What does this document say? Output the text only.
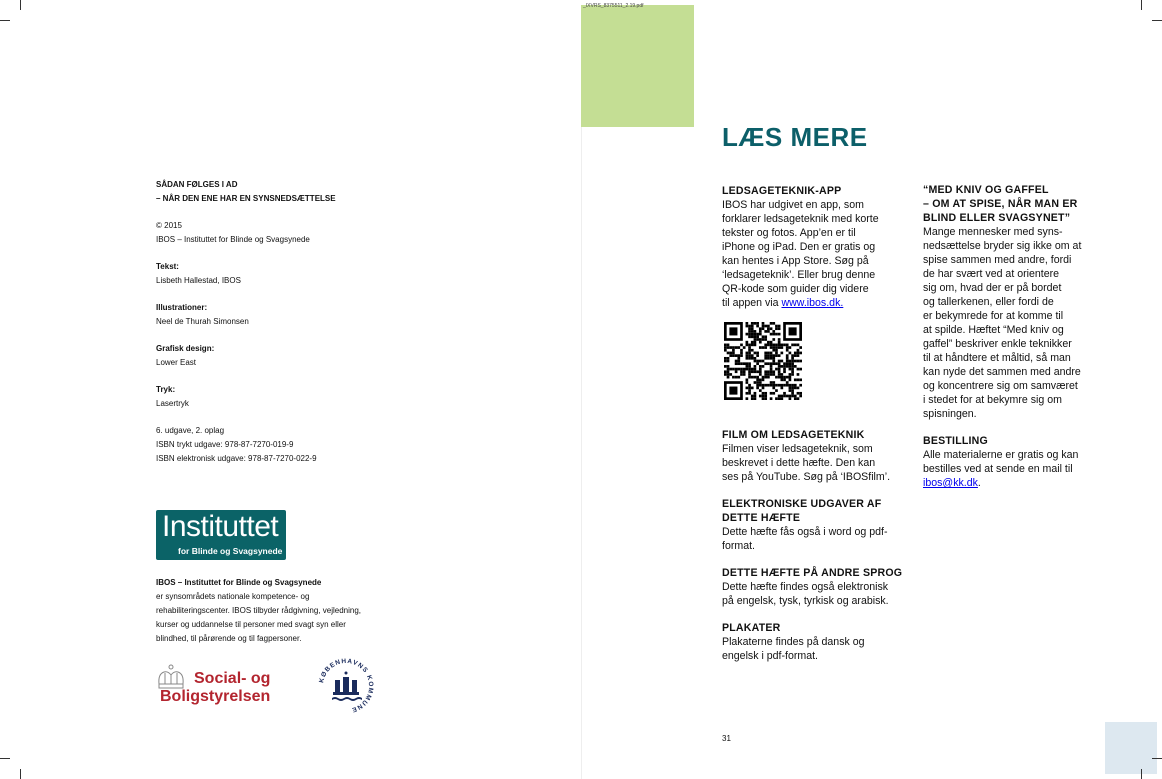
_IXVRS_8375511_2.19.pdf
SÅDAN FØLGES I AD
– NÅR DEN ENE HAR EN SYNSNEDSÆTTELSE
© 2015
IBOS – Instituttet for Blinde og Svagsynede
Tekst:
Lisbeth Hallestad, IBOS
Illustrationer:
Neel de Thurah Simonsen
Grafisk design:
Lower East
Tryk:
Lasertryk
6. udgave, 2. oplag
ISBN trykt udgave: 978-87-7270-019-9
ISBN elektronisk udgave: 978-87-7270-022-9
Instituttet
for Blinde og Svagsynede
IBOS – Instituttet for Blinde og Svagsynede
er synsområdets nationale kompetence- og
rehabiliteringscenter. IBOS tilbyder rådgivning, vejledning,
kurser og uddannelse til personer med svagt syn eller
blindhed, til pårørende og til fagpersoner.
Social- og
Boligstyrelsen
KØBENHAVNS KOMMUNE
LÆS MERE
LEDSAGETEKNIK-APP
IBOS har udgivet en app, som
forklarer ledsageteknik med korte
tekster og fotos. App’en er til
iPhone og iPad. Den er gratis og
kan hentes i App Store. Søg på
‘ledsageteknik’. Eller brug denne
QR-kode som guider dig videre
til appen via www.ibos.dk.
FILM OM LEDSAGETEKNIK
Filmen viser ledsageteknik, som
beskrevet i dette hæfte. Den kan
ses på YouTube. Søg på ‘IBOSfilm’.
ELEKTRONISKE UDGAVER AF
DETTE HÆFTE
Dette hæfte fås også i word og pdf-
format.
DETTE HÆFTE PÅ ANDRE SPROG
Dette hæfte findes også elektronisk
på engelsk, tysk, tyrkisk og arabisk.
PLAKATER
Plakaterne findes på dansk og
engelsk i pdf-format.
“MED KNIV OG GAFFEL
– OM AT SPISE, NÅR MAN ER
BLIND ELLER SVAGSYNET”
Mange mennesker med syns-
nedsættelse bryder sig ikke om at
spise sammen med andre, fordi
de har svært ved at orientere
sig om, hvad der er på bordet
og tallerkenen, eller fordi de
er bekymrede for at komme til
at spilde. Hæftet “Med kniv og
gaffel” beskriver enkle teknikker
til at håndtere et måltid, så man
kan nyde det sammen med andre
og koncentrere sig om samværet
i stedet for at bekymre sig om
spisningen.
BESTILLING
Alle materialerne er gratis og kan
bestilles ved at sende en mail til
ibos@kk.dk.
31
